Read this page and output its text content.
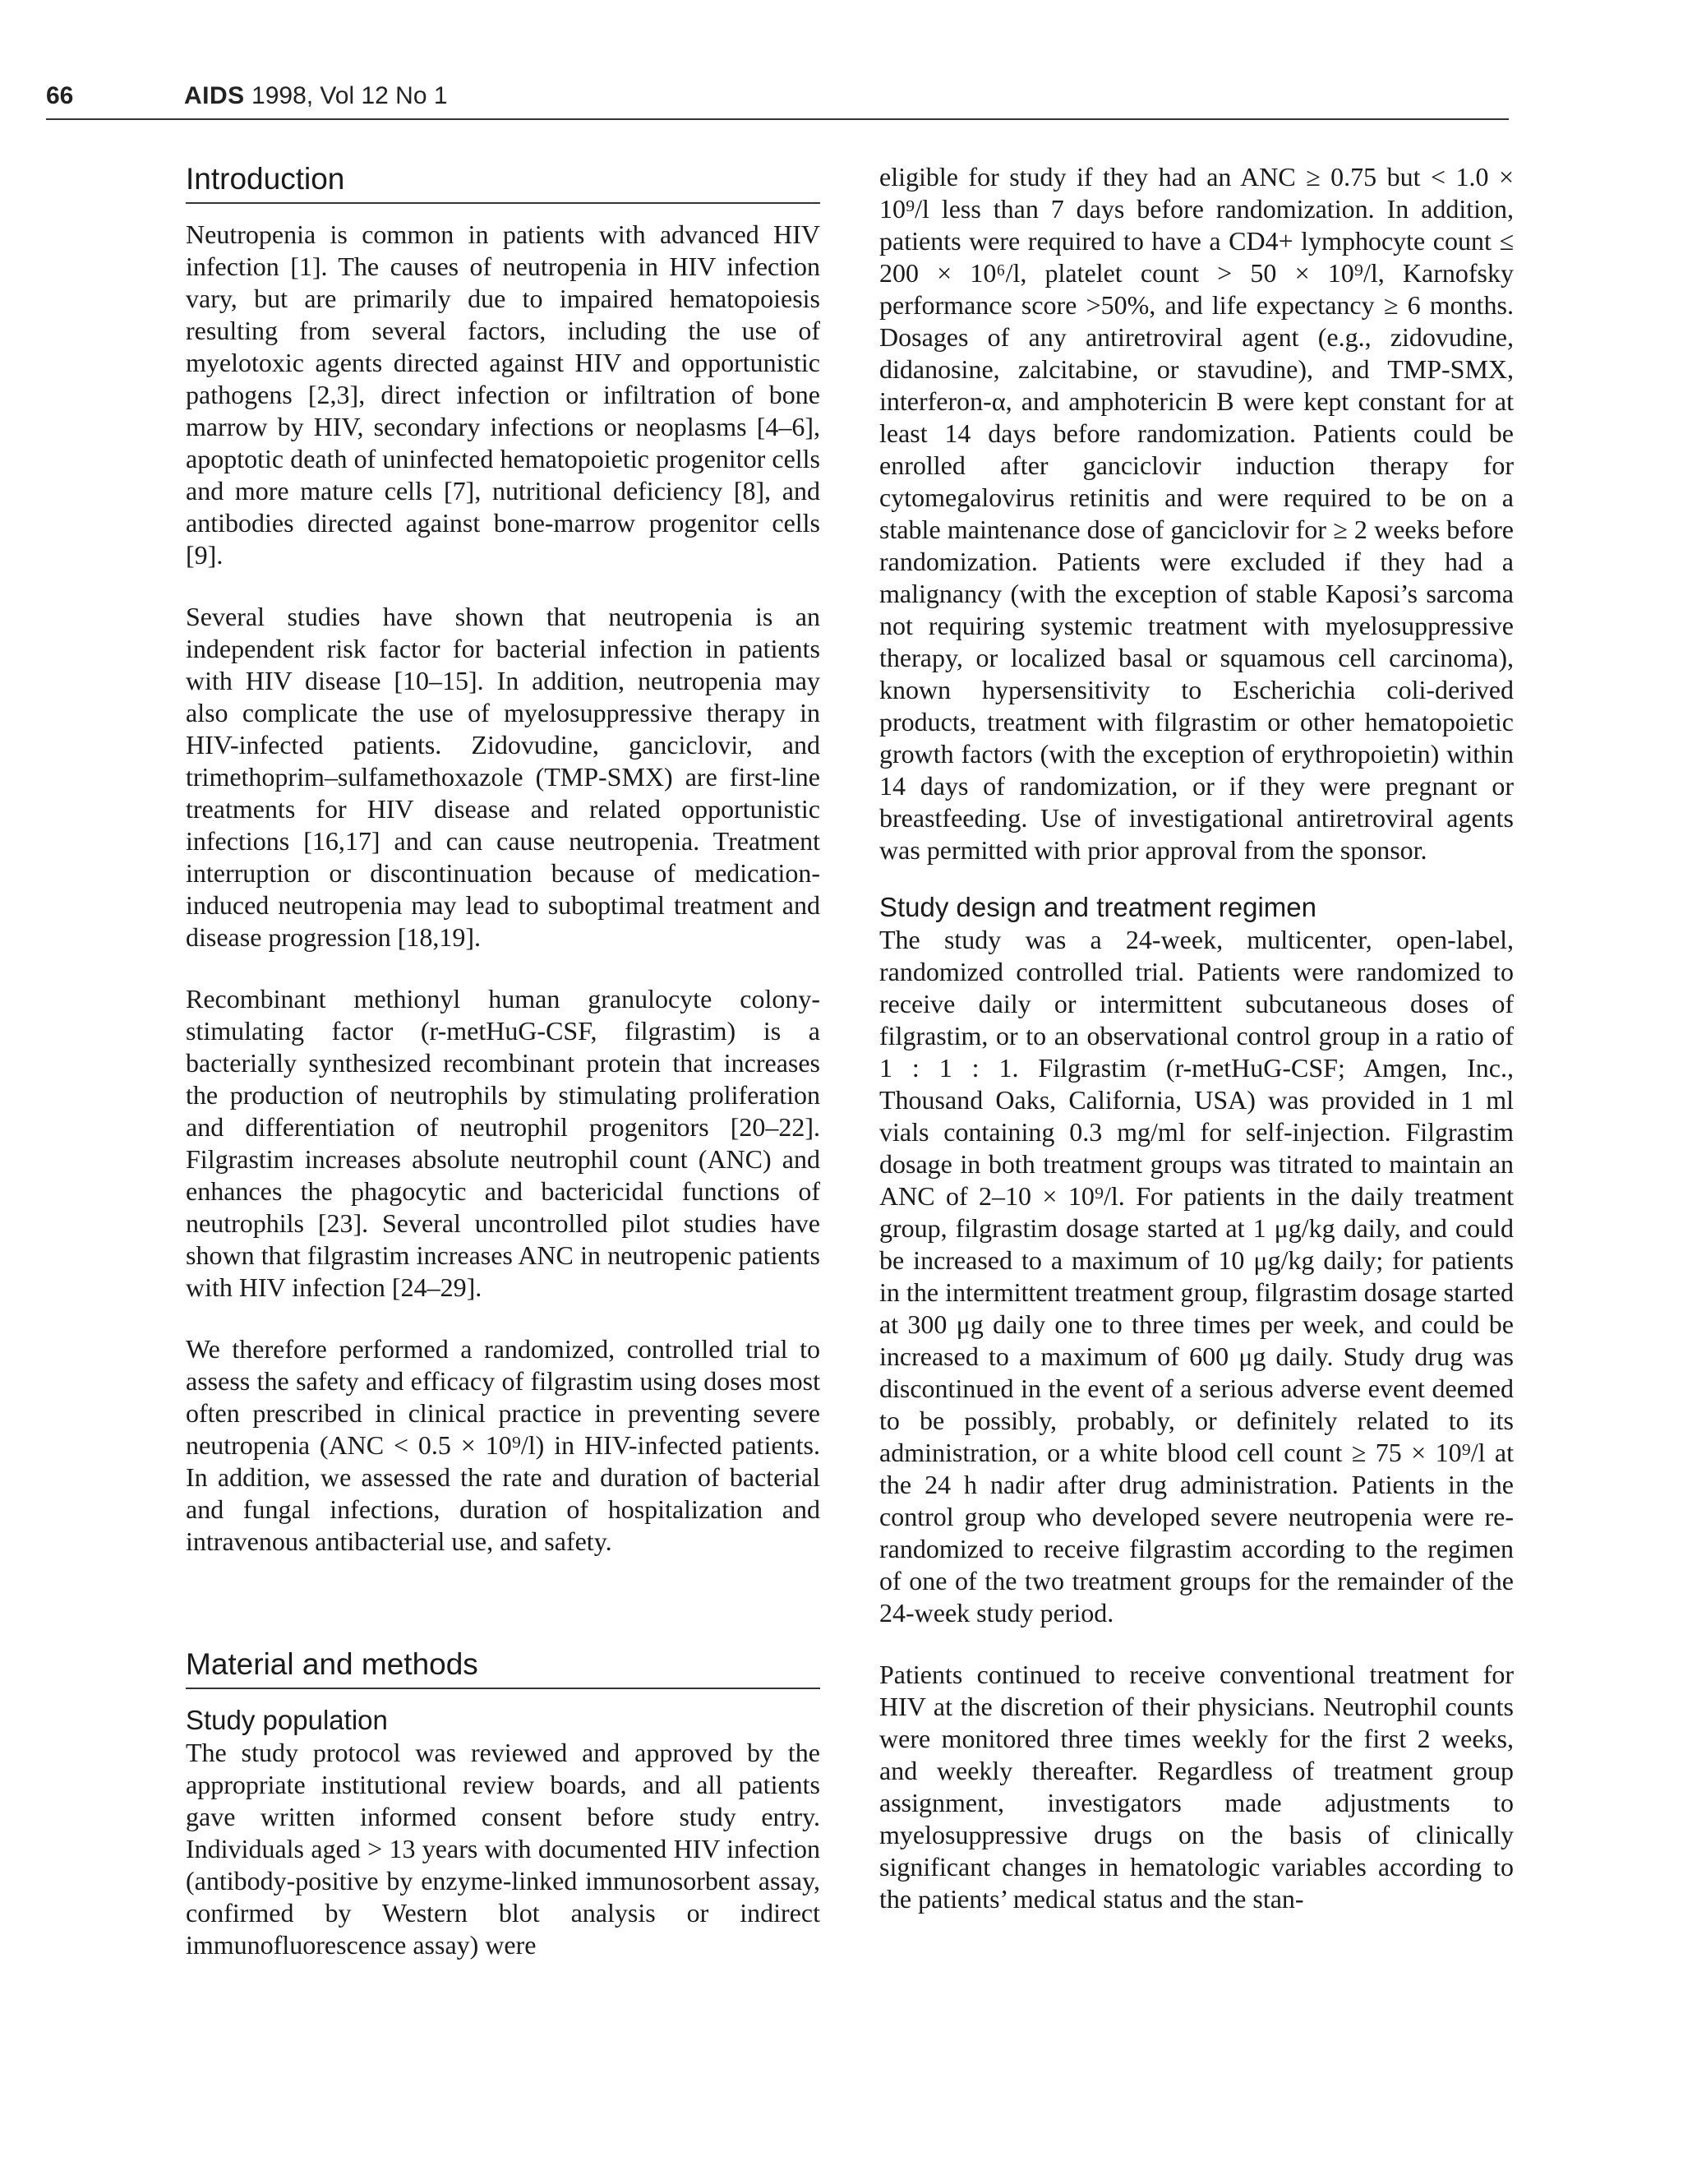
66	AIDS 1998, Vol 12 No 1
Introduction

Neutropenia is common in patients with advanced HIV infection [1]. The causes of neutropenia in HIV infection vary, but are primarily due to impaired hematopoiesis resulting from several factors, including the use of myelotoxic agents directed against HIV and opportunistic pathogens [2,3], direct infection or infiltration of bone marrow by HIV, secondary infections or neoplasms [4–6], apoptotic death of uninfected hematopoietic progenitor cells and more mature cells [7], nutritional deficiency [8], and antibodies directed against bone-marrow progenitor cells [9].

Several studies have shown that neutropenia is an independent risk factor for bacterial infection in patients with HIV disease [10–15]. In addition, neutropenia may also complicate the use of myelosuppressive therapy in HIV-infected patients. Zidovudine, ganciclovir, and trimethoprim–sulfamethoxazole (TMP-SMX) are first-line treatments for HIV disease and related opportunistic infections [16,17] and can cause neutropenia. Treatment interruption or discontinuation because of medication-induced neutropenia may lead to suboptimal treatment and disease progression [18,19].

Recombinant methionyl human granulocyte colony-stimulating factor (r-metHuG-CSF, filgrastim) is a bacterially synthesized recombinant protein that increases the production of neutrophils by stimulating proliferation and differentiation of neutrophil progenitors [20–22]. Filgrastim increases absolute neutrophil count (ANC) and enhances the phagocytic and bactericidal functions of neutrophils [23]. Several uncontrolled pilot studies have shown that filgrastim increases ANC in neutropenic patients with HIV infection [24–29].

We therefore performed a randomized, controlled trial to assess the safety and efficacy of filgrastim using doses most often prescribed in clinical practice in preventing severe neutropenia (ANC < 0.5 × 10⁹/l) in HIV-infected patients. In addition, we assessed the rate and duration of bacterial and fungal infections, duration of hospitalization and intravenous antibacterial use, and safety.

Material and methods
Study population

The study protocol was reviewed and approved by the appropriate institutional review boards, and all patients gave written informed consent before study entry. Individuals aged > 13 years with documented HIV infection (antibody-positive by enzyme-linked immunosorbent assay, confirmed by Western blot analysis or indirect immunofluorescence assay) were

eligible for study if they had an ANC ≥ 0.75 but < 1.0 × 10⁹/l less than 7 days before randomization. In addition, patients were required to have a CD4+ lymphocyte count ≤ 200 × 10⁶/l, platelet count > 50 × 10⁹/l, Karnofsky performance score >50%, and life expectancy ≥ 6 months. Dosages of any antiretroviral agent (e.g., zidovudine, didanosine, zalcitabine, or stavudine), and TMP-SMX, interferon-α, and amphotericin B were kept constant for at least 14 days before randomization. Patients could be enrolled after ganciclovir induction therapy for cytomegalovirus retinitis and were required to be on a stable maintenance dose of ganciclovir for ≥ 2 weeks before randomization. Patients were excluded if they had a malignancy (with the exception of stable Kaposi’s sarcoma not requiring systemic treatment with myelosuppressive therapy, or localized basal or squamous cell carcinoma), known hypersensitivity to Escherichia coli-derived products, treatment with filgrastim or other hematopoietic growth factors (with the exception of erythropoietin) within 14 days of randomization, or if they were pregnant or breastfeeding. Use of investigational antiretroviral agents was permitted with prior approval from the sponsor.

Study design and treatment regimen

The study was a 24-week, multicenter, open-label, randomized controlled trial. Patients were randomized to receive daily or intermittent subcutaneous doses of filgrastim, or to an observational control group in a ratio of 1 : 1 : 1. Filgrastim (r-metHuG-CSF; Amgen, Inc., Thousand Oaks, California, USA) was provided in 1 ml vials containing 0.3 mg/ml for self-injection. Filgrastim dosage in both treatment groups was titrated to maintain an ANC of 2–10 × 10⁹/l. For patients in the daily treatment group, filgrastim dosage started at 1 μg/kg daily, and could be increased to a maximum of 10 μg/kg daily; for patients in the intermittent treatment group, filgrastim dosage started at 300 μg daily one to three times per week, and could be increased to a maximum of 600 μg daily. Study drug was discontinued in the event of a serious adverse event deemed to be possibly, probably, or definitely related to its administration, or a white blood cell count ≥ 75 × 10⁹/l at the 24 h nadir after drug administration. Patients in the control group who developed severe neutropenia were re-randomized to receive filgrastim according to the regimen of one of the two treatment groups for the remainder of the 24-week study period.

Patients continued to receive conventional treatment for HIV at the discretion of their physicians. Neutrophil counts were monitored three times weekly for the first 2 weeks, and weekly thereafter. Regardless of treatment group assignment, investigators made adjustments to myelosuppressive drugs on the basis of clinically significant changes in hematologic variables according to the patients’ medical status and the stan-
